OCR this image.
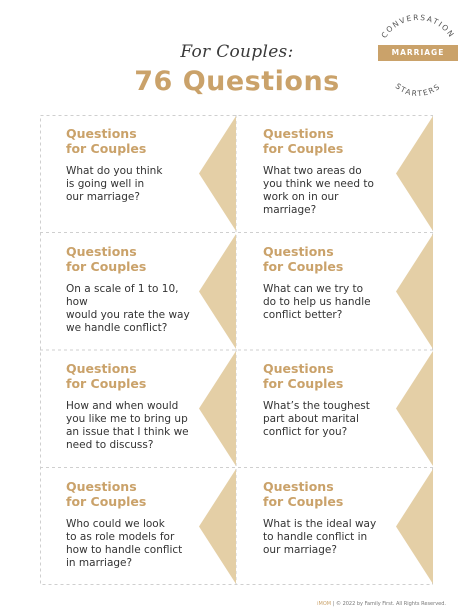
For Couples:
76 Questions
CONVERSATION
STARTERS
MARRIAGE
Questions
for Couples
What do you think
is going well in
our marriage?
Questions
for Couples
What two areas do
you think we need to
work on in our marriage?
Questions
for Couples
On a scale of 1 to 10, how
would you rate the way
we handle conflict?
Questions
for Couples
What can we try to
do to help us handle
conflict better?
Questions
for Couples
How and when would
you like me to bring up
an issue that I think we
need to discuss?
Questions
for Couples
What’s the toughest
part about marital
conflict for you?
Questions
for Couples
Who could we look
to as role models for
how to handle conflict
in marriage?
Questions
for Couples
What is the ideal way
to handle conflict in
our marriage?
iMOM | © 2022 by Family First. All Rights Reserved.
